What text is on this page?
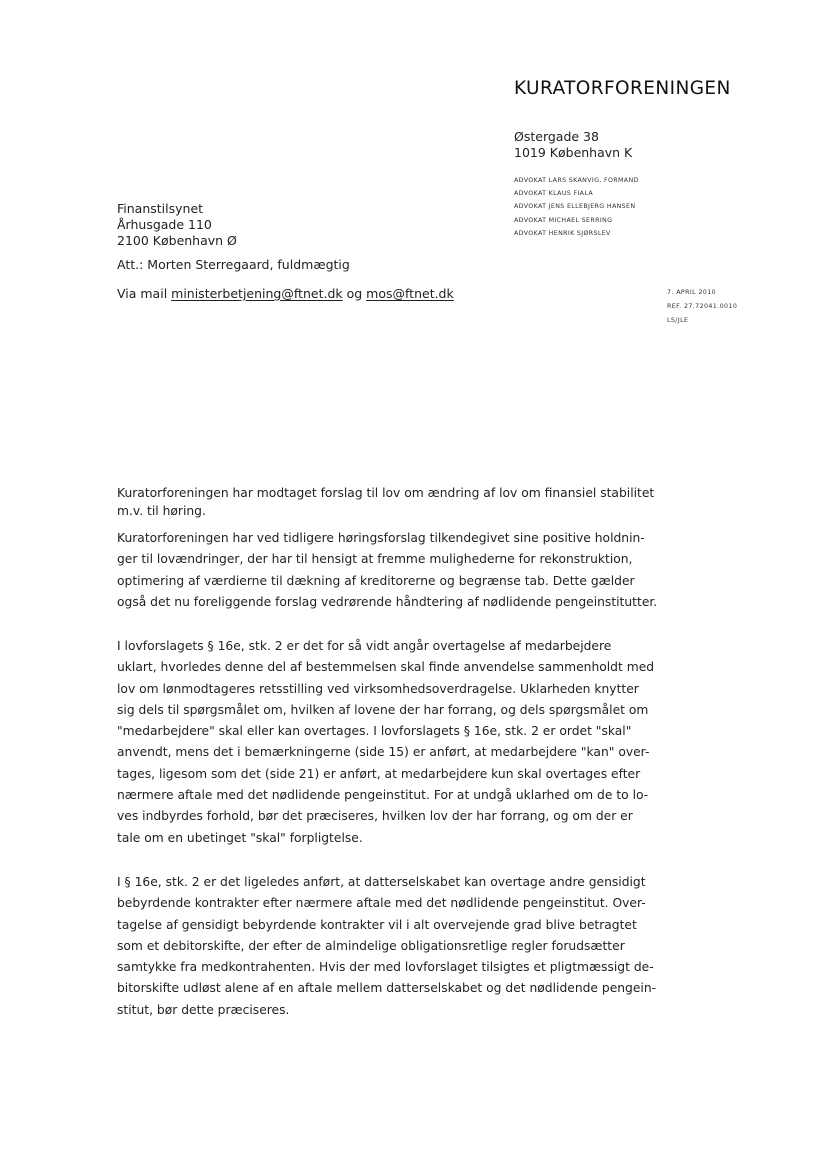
KURATORFORENINGEN
Østergade 38
1019 København K
ADVOKAT LARS SKANVIG, FORMAND
ADVOKAT KLAUS FIALA
ADVOKAT JENS ELLEBJERG HANSEN
ADVOKAT MICHAEL SERRING
ADVOKAT HENRIK SJØRSLEV
Finanstilsynet
Århusgade 110
2100 København Ø
Att.: Morten Sterregaard, fuldmægtig
Via mail ministerbetjening@ftnet.dk og mos@ftnet.dk	7. APRIL 2010
REF. 27.72041.0010
LS/JLE
Kuratorforeningen har modtaget forslag til lov om ændring af lov om finansiel stabilitet
m.v. til høring.
Kuratorforeningen har ved tidligere høringsforslag tilkendegivet sine positive holdnin-
ger til lovændringer, der har til hensigt at fremme mulighederne for rekonstruktion,
optimering af værdierne til dækning af kreditorerne og begrænse tab. Dette gælder
også det nu foreliggende forslag vedrørende håndtering af nødlidende pengeinstitutter.
I lovforslagets § 16e, stk. 2 er det for så vidt angår overtagelse af medarbejdere
uklart, hvorledes denne del af bestemmelsen skal finde anvendelse sammenholdt med
lov om lønmodtageres retsstilling ved virksomhedsoverdragelse. Uklarheden knytter
sig dels til spørgsmålet om, hvilken af lovene der har forrang, og dels spørgsmålet om
"medarbejdere" skal eller kan overtages. I lovforslagets § 16e, stk. 2 er ordet "skal"
anvendt, mens det i bemærkningerne (side 15) er anført, at medarbejdere "kan" over-
tages, ligesom som det (side 21) er anført, at medarbejdere kun skal overtages efter
nærmere aftale med det nødlidende pengeinstitut. For at undgå uklarhed om de to lo-
ves indbyrdes forhold, bør det præciseres, hvilken lov der har forrang, og om der er
tale om en ubetinget "skal" forpligtelse.
I § 16e, stk. 2 er det ligeledes anført, at datterselskabet kan overtage andre gensidigt
bebyrdende kontrakter efter nærmere aftale med det nødlidende pengeinstitut. Over-
tagelse af gensidigt bebyrdende kontrakter vil i alt overvejende grad blive betragtet
som et debitorskifte, der efter de almindelige obligationsretlige regler forudsætter
samtykke fra medkontrahenten. Hvis der med lovforslaget tilsigtes et pligtmæssigt de-
bitorskifte udløst alene af en aftale mellem datterselskabet og det nødlidende pengein-
stitut, bør dette præciseres.
